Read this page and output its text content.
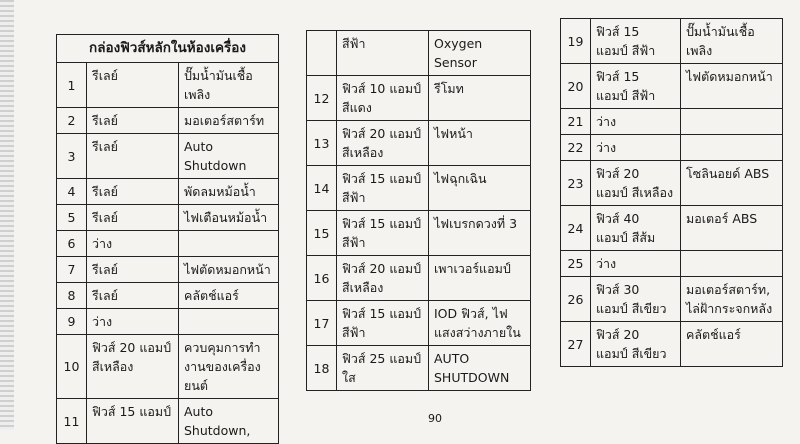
กล่องฟิวส์หลักในห้องเครื่อง		
1	รีเลย์	ปั๊มน้ำมันเชื้อ
เพลิง

2	รีเลย์	มอเตอร์สตาร์ท

3	รีเลย์	Auto Shutdown

4	รีเลย์	พัดลมหม้อน้ำ

5	รีเลย์	ไฟเตือนหม้อน้ำ

6	ว่าง	
7	รีเลย์	ไฟตัดหมอกหน้า

8	รีเลย์	คลัตช์แอร์

9	ว่าง	
10	ฟิวส์ 20 แอมป์ สีเหลือง	ควบคุมการทำ
งานของเครื่อง
ยนต์

11	ฟิวส์ 15 แอมป์	Auto Shutdown,
	สีฟ้า	Oxygen Sensor

12	ฟิวส์ 10 แอมป์ สีแดง	รีโมท

13	ฟิวส์ 20 แอมป์ สีเหลือง	ไฟหน้า

14	ฟิวส์ 15 แอมป์ สีฟ้า	ไฟฉุกเฉิน

15	ฟิวส์ 15 แอมป์ สีฟ้า	ไฟเบรกดวงที่ 3

16	ฟิวส์ 20 แอมป์ สีเหลือง	เพาเวอร์แอมป์

17	ฟิวส์ 15 แอมป์ สีฟ้า	IOD ฟิวส์, ไฟ
แสงสว่างภายใน

18	ฟิวส์ 25 แอมป์ ใส	AUTO
SHUTDOWN
19	ฟิวส์ 15 แอมป์ สีฟ้า	ปั๊มน้ำมันเชื้อ
เพลิง

20	ฟิวส์ 15 แอมป์ สีฟ้า	ไฟตัดหมอกหน้า

21	ว่าง	
22	ว่าง	
23	ฟิวส์ 20 แอมป์ สีเหลือง	โซลินอยด์ ABS

24	ฟิวส์ 40 แอมป์ สีส้ม	มอเตอร์ ABS

25	ว่าง	
26	ฟิวส์ 30 แอมป์ สีเขียว	มอเตอร์สตาร์ท,
ไล่ฝ้ากระจกหลัง

27	ฟิวส์ 20 แอมป์ สีเขียว	คลัตช์แอร์
90
